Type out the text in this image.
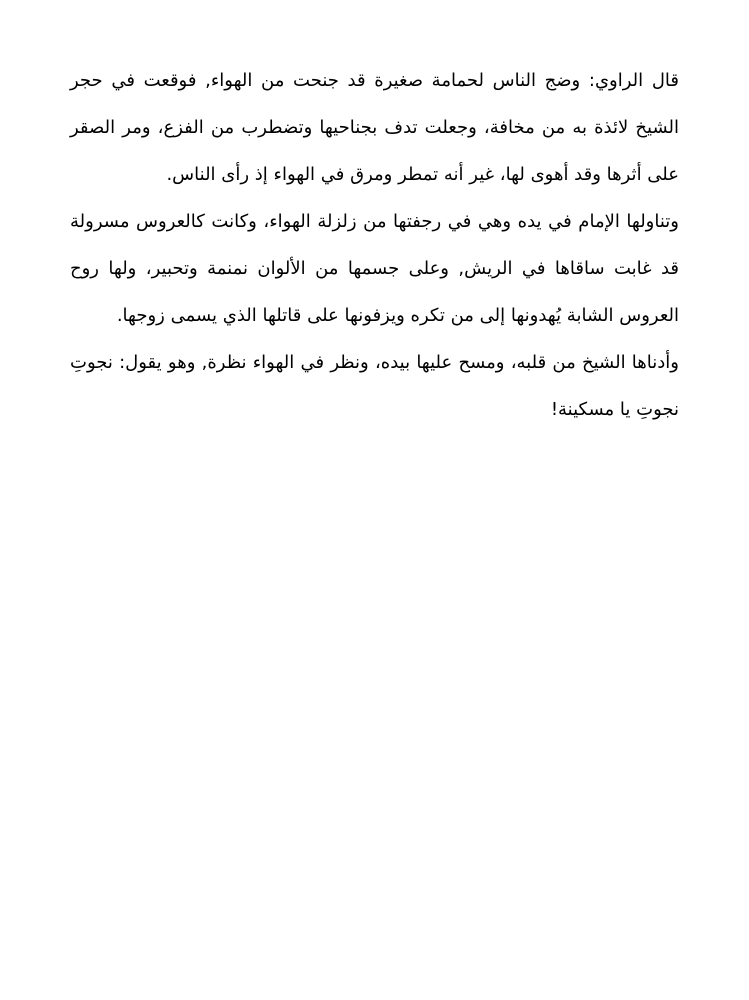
قال الراوي: وضج الناس لحمامة صغيرة قد جنحت من الهواء, فوقعت في حجر الشيخ لائذة به من مخافة، وجعلت تدف بجناحيها وتضطرب من الفزع، ومر الصقر على أثرها وقد أهوى لها، غير أنه تمطر ومرق في الهواء إذ رأى الناس.

وتناولها الإمام في يده وهي في رجفتها من زلزلة الهواء، وكانت كالعروس مسرولة قد غابت ساقاها في الريش, وعلى جسمها من الألوان نمنمة وتحبير، ولها روح العروس الشابة يُهدونها إلى من تكره ويزفونها على قاتلها الذي يسمى زوجها.

وأدناها الشيخ من قلبه، ومسح عليها بيده، ونظر في الهواء نظرة, وهو يقول: نجوتِ نجوتِ يا مسكينة!
